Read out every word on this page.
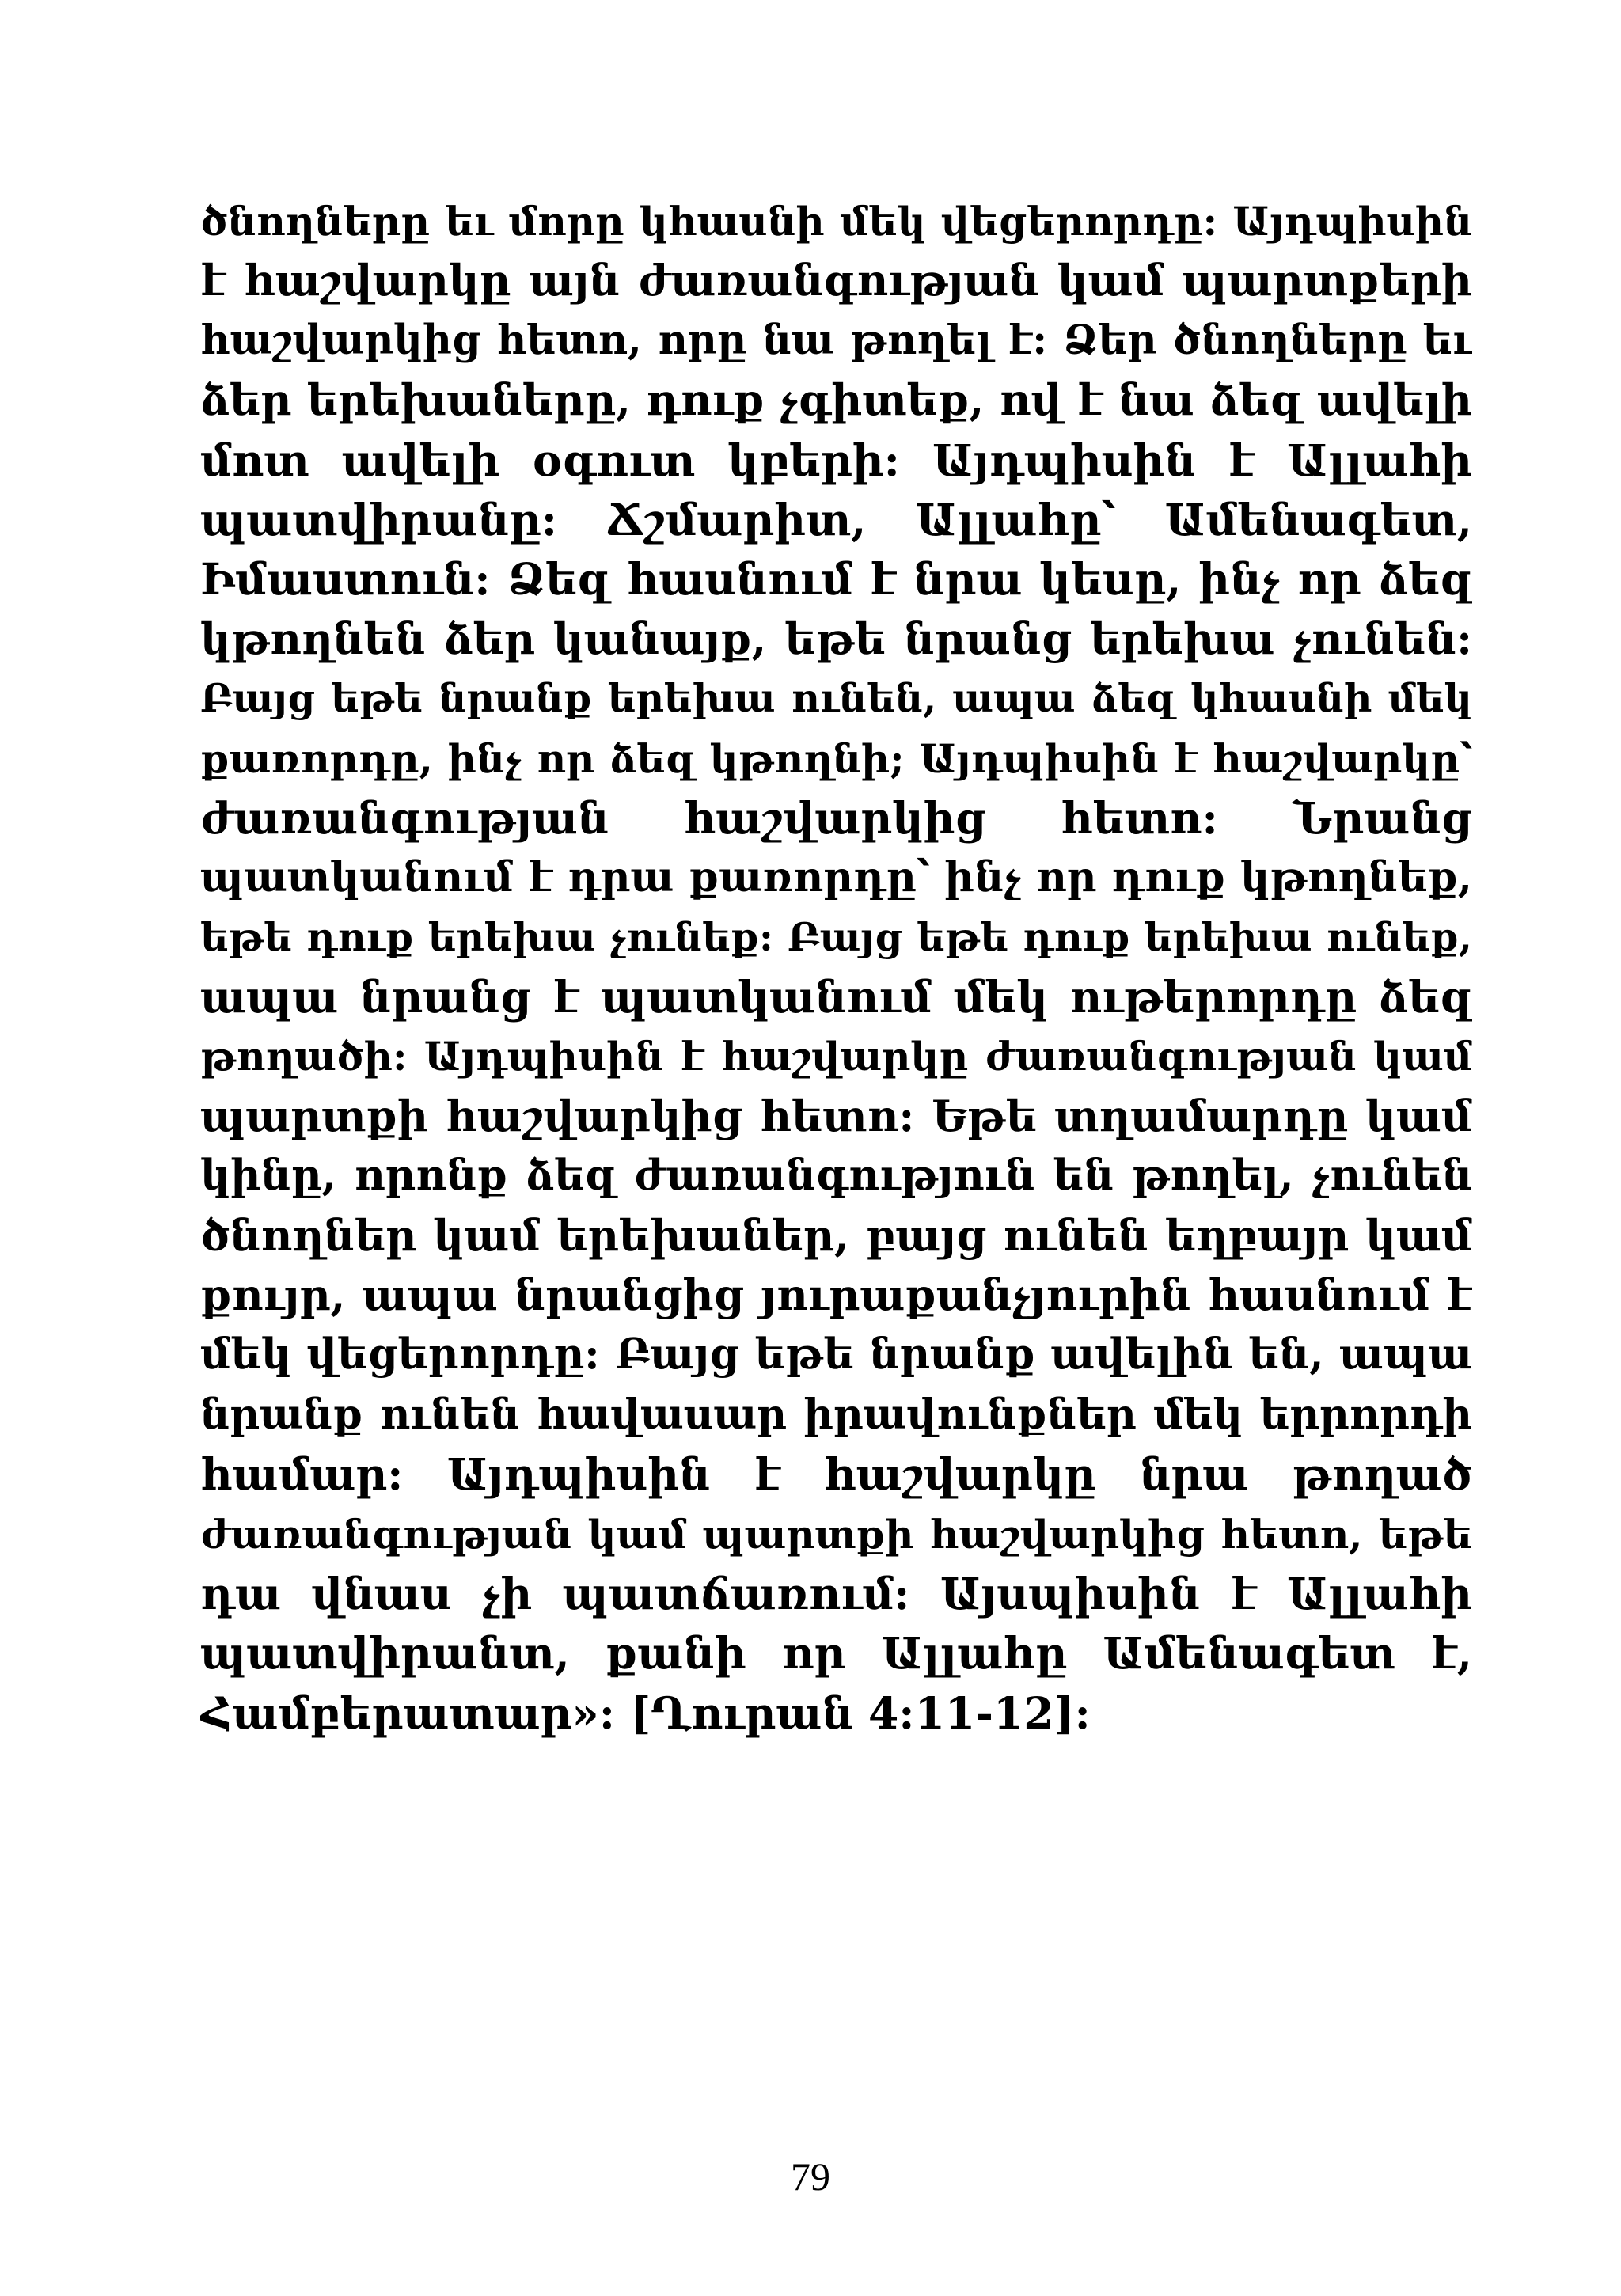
ծնողները եւ մորը կհասնի մեկ վեցերորդը: Այդպիսին
է հաշվարկը այն ժառանգության կամ պարտքերի
հաշվարկից հետո, որը նա թողել է: Ձեր ծնողները եւ
ձեր երեխաները, դուք չգիտեք, ով է նա ձեզ ավելի
մոտ ավելի օգուտ կբերի: Այդպիսին է Ալլահի
պատվիրանը: Ճշմարիտ, Ալլահը՝ Ամենագետ,
Իմաստուն: Ձեզ հասնում է նրա կեսը, ինչ որ ձեզ
կթողնեն ձեր կանայք, եթե նրանց երեխա չունեն:
Բայց եթե նրանք երեխա ունեն, ապա ձեզ կհասնի մեկ
քառորդը, ինչ որ ձեզ կթողնի; Այդպիսին է հաշվարկը՝
ժառանգության հաշվարկից հետո: Նրանց
պատկանում է դրա քառորդը՝ ինչ որ դուք կթողնեք,
եթե դուք երեխա չունեք: Բայց եթե դուք երեխա ունեք,
ապա նրանց է պատկանում մեկ ութերորդը ձեզ
թողածի: Այդպիսին է հաշվարկը ժառանգության կամ
պարտքի հաշվարկից հետո: Եթե տղամարդը կամ
կինը, որոնք ձեզ ժառանգություն են թողել, չունեն
ծնողներ կամ երեխաներ, բայց ունեն եղբայր կամ
քույր, ապա նրանցից յուրաքանչյուրին հասնում է
մեկ վեցերորդը: Բայց եթե նրանք ավելին են, ապա
նրանք ունեն հավասար իրավունքներ մեկ երրորդի
համար: Այդպիսին է հաշվարկը նրա թողած
ժառանգության կամ պարտքի հաշվարկից հետո, եթե
դա վնաս չի պատճառում: Այսպիսին է Ալլահի
պատվիրանտ, քանի որ Ալլահը Ամենագետ է,
Համբերատար»: [Ղուրան 4:11-12]:
79
